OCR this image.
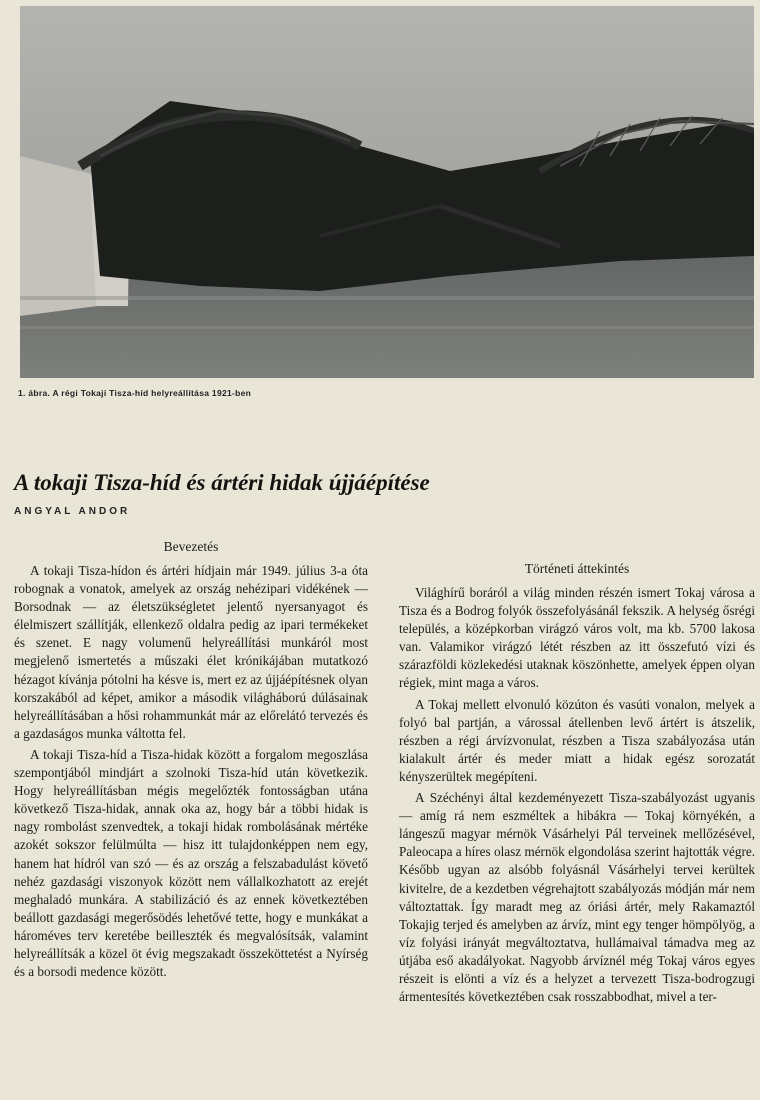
1. ábra. A régi Tokaji Tisza-híd helyreállítása 1921-ben
A tokaji Tisza-híd és ártéri hidak újjáépítése
ANGYAL ANDOR
Bevezetés

A tokaji Tisza-hídon és ártéri hídjain már 1949. július 3-a óta robognak a vonatok, amelyek az ország nehézipari vidékének — Borsodnak — az életszükségletet jelentő nyersanyagot és élelmiszert szállítják, ellenkező oldalra pedig az ipari termékeket és szenet. E nagy volumenű helyreállítási munkáról most megjelenő ismertetés a műszaki élet krónikájában mutatkozó hézagot kívánja pótolni ha késve is, mert ez az újjáépítésnek olyan korszakából ad képet, amikor a második világháború dúlásainak helyreállításában a hősi rohammunkát már az előrelátó tervezés és a gazdaságos munka váltotta fel.

A tokaji Tisza-híd a Tisza-hidak között a forgalom megoszlása szempontjából mindjárt a szolnoki Tisza-híd után következik. Hogy helyreállításban mégis megelőzték fontosságban utána következő Tisza-hidak, annak oka az, hogy bár a többi hidak is nagy rombolást szenvedtek, a tokaji hidak rombolásának mértéke azokét sokszor felülmúlta — hisz itt tulajdonképpen nem egy, hanem hat hídról van szó — és az ország a felszabadulást követő nehéz gazdasági viszonyok között nem vállalkozhatott az erejét meghaladó munkára. A stabilizáció és az ennek következtében beállott gazdasági megerősödés lehetővé tette, hogy e munkákat a hároméves terv keretébe beilleszték és megvalósítsák, valamint helyreállítsák a közel öt évig megszakadt összeköttetést a Nyírség és a borsodi medence között.

Történeti áttekintés

Világhírű boráról a világ minden részén ismert Tokaj városa a Tisza és a Bodrog folyók összefolyásánál fekszik. A helység ősrégi település, a középkorban virágzó város volt, ma kb. 5700 lakosa van. Valamikor virágzó létét részben az itt összefutó vízi és szárazföldi közlekedési utaknak köszönhette, amelyek éppen olyan régiek, mint maga a város.

A Tokaj mellett elvonuló közúton és vasúti vonalon, melyek a folyó bal partján, a várossal átellenben levő ártért is átszelik, részben a régi árvízvonulat, részben a Tisza szabályozása után kialakult ártér és meder miatt a hidak egész sorozatát kényszerültek megépíteni.

A Széchényi által kezdeményezett Tisza-szabályozást ugyanis — amíg rá nem eszméltek a hibákra — Tokaj környékén, a lángeszű magyar mérnök Vásárhelyi Pál terveinek mellőzésével, Paleocapa a híres olasz mérnök elgondolása szerint hajtották végre. Később ugyan az alsóbb folyásnál Vásárhelyi tervei kerültek kivitelre, de a kezdetben végrehajtott szabályozás módján már nem változtattak. Így maradt meg az óriási ártér, mely Rakamaztól Tokajig terjed és amelyben az árvíz, mint egy tenger hömpölyög, a víz folyási irányát megváltoztatva, hullámaival támadva meg az útjába eső akadályokat. Nagyobb árvíznél még Tokaj város egyes részeit is elönti a víz és a helyzet a tervezett Tisza-bodrogzugi ármentesítés következtében csak rosszabbodhat, mivel a ter-
